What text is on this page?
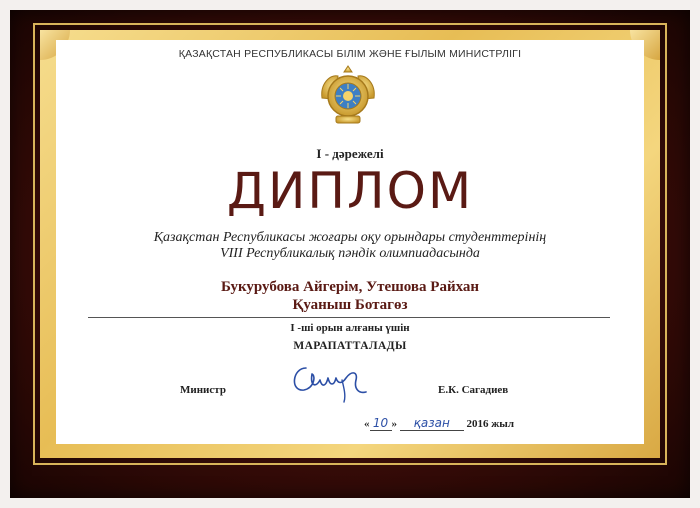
ҚАЗАҚСТАН РЕСПУБЛИКАСЫ БІЛІМ ЖӘНЕ ҒЫЛЫМ МИНИСТРЛІГІ
I - дәрежелі
ДИПЛОМ
Қазақстан Республикасы жоғары оқу орындары студенттерінің
VIII Республикалық пәндік олимпиадасында
Букурубова Айгерім, Утешова Райхан
Қуаныш Ботагөз
I -ші орын алғаны үшін
МАРАПАТТАЛАДЫ
Министр	Е.К. Сагадиев
« 10 » қазан 2016 жыл
